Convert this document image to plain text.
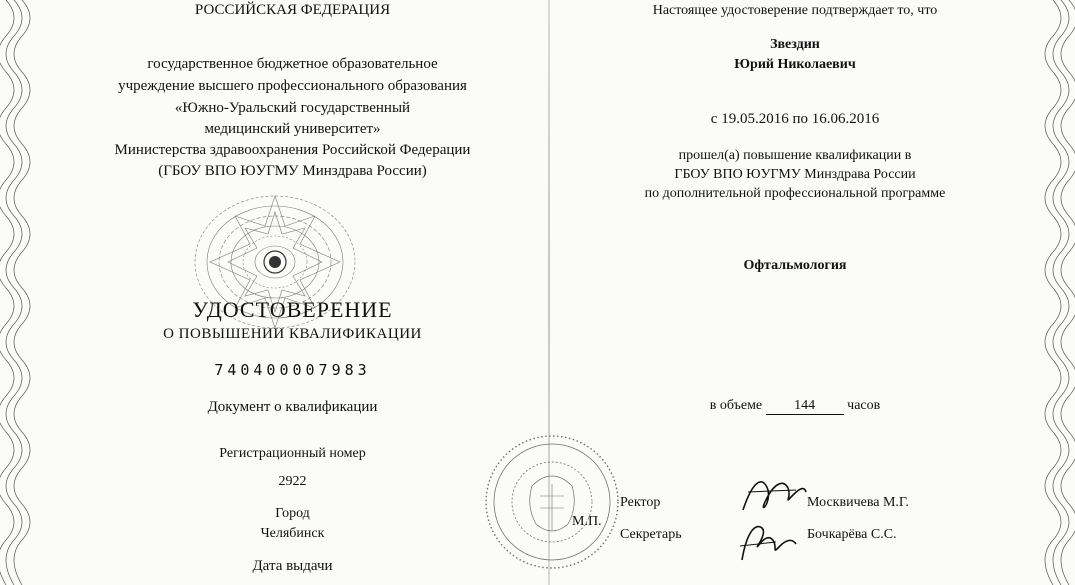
РОССИЙСКАЯ ФЕДЕРАЦИЯ
государственное бюджетное образовательное
учреждение высшего профессионального образования
«Южно-Уральский государственный
медицинский университет»
Министерства здравоохранения Российской Федерации
(ГБОУ ВПО ЮУГМУ Минздрава России)
УДОСТОВЕРЕНИЕ
О ПОВЫШЕНИИ КВАЛИФИКАЦИИ
740400007983
Документ о квалификации
Регистрационный номер
2922
Город
Челябинск
Дата выдачи
Настоящее удостоверение подтверждает то, что
Звездин
Юрий Николаевич
с 19.05.2016 по 16.06.2016
прошел(а) повышение квалификации в
ГБОУ ВПО ЮУГМУ Минздрава России
по дополнительной профессиональной программе
Офтальмология
в объеме 144 часов
М.П.
Ректор
Секретарь
Москвичева М.Г.
Бочкарёва С.С.
